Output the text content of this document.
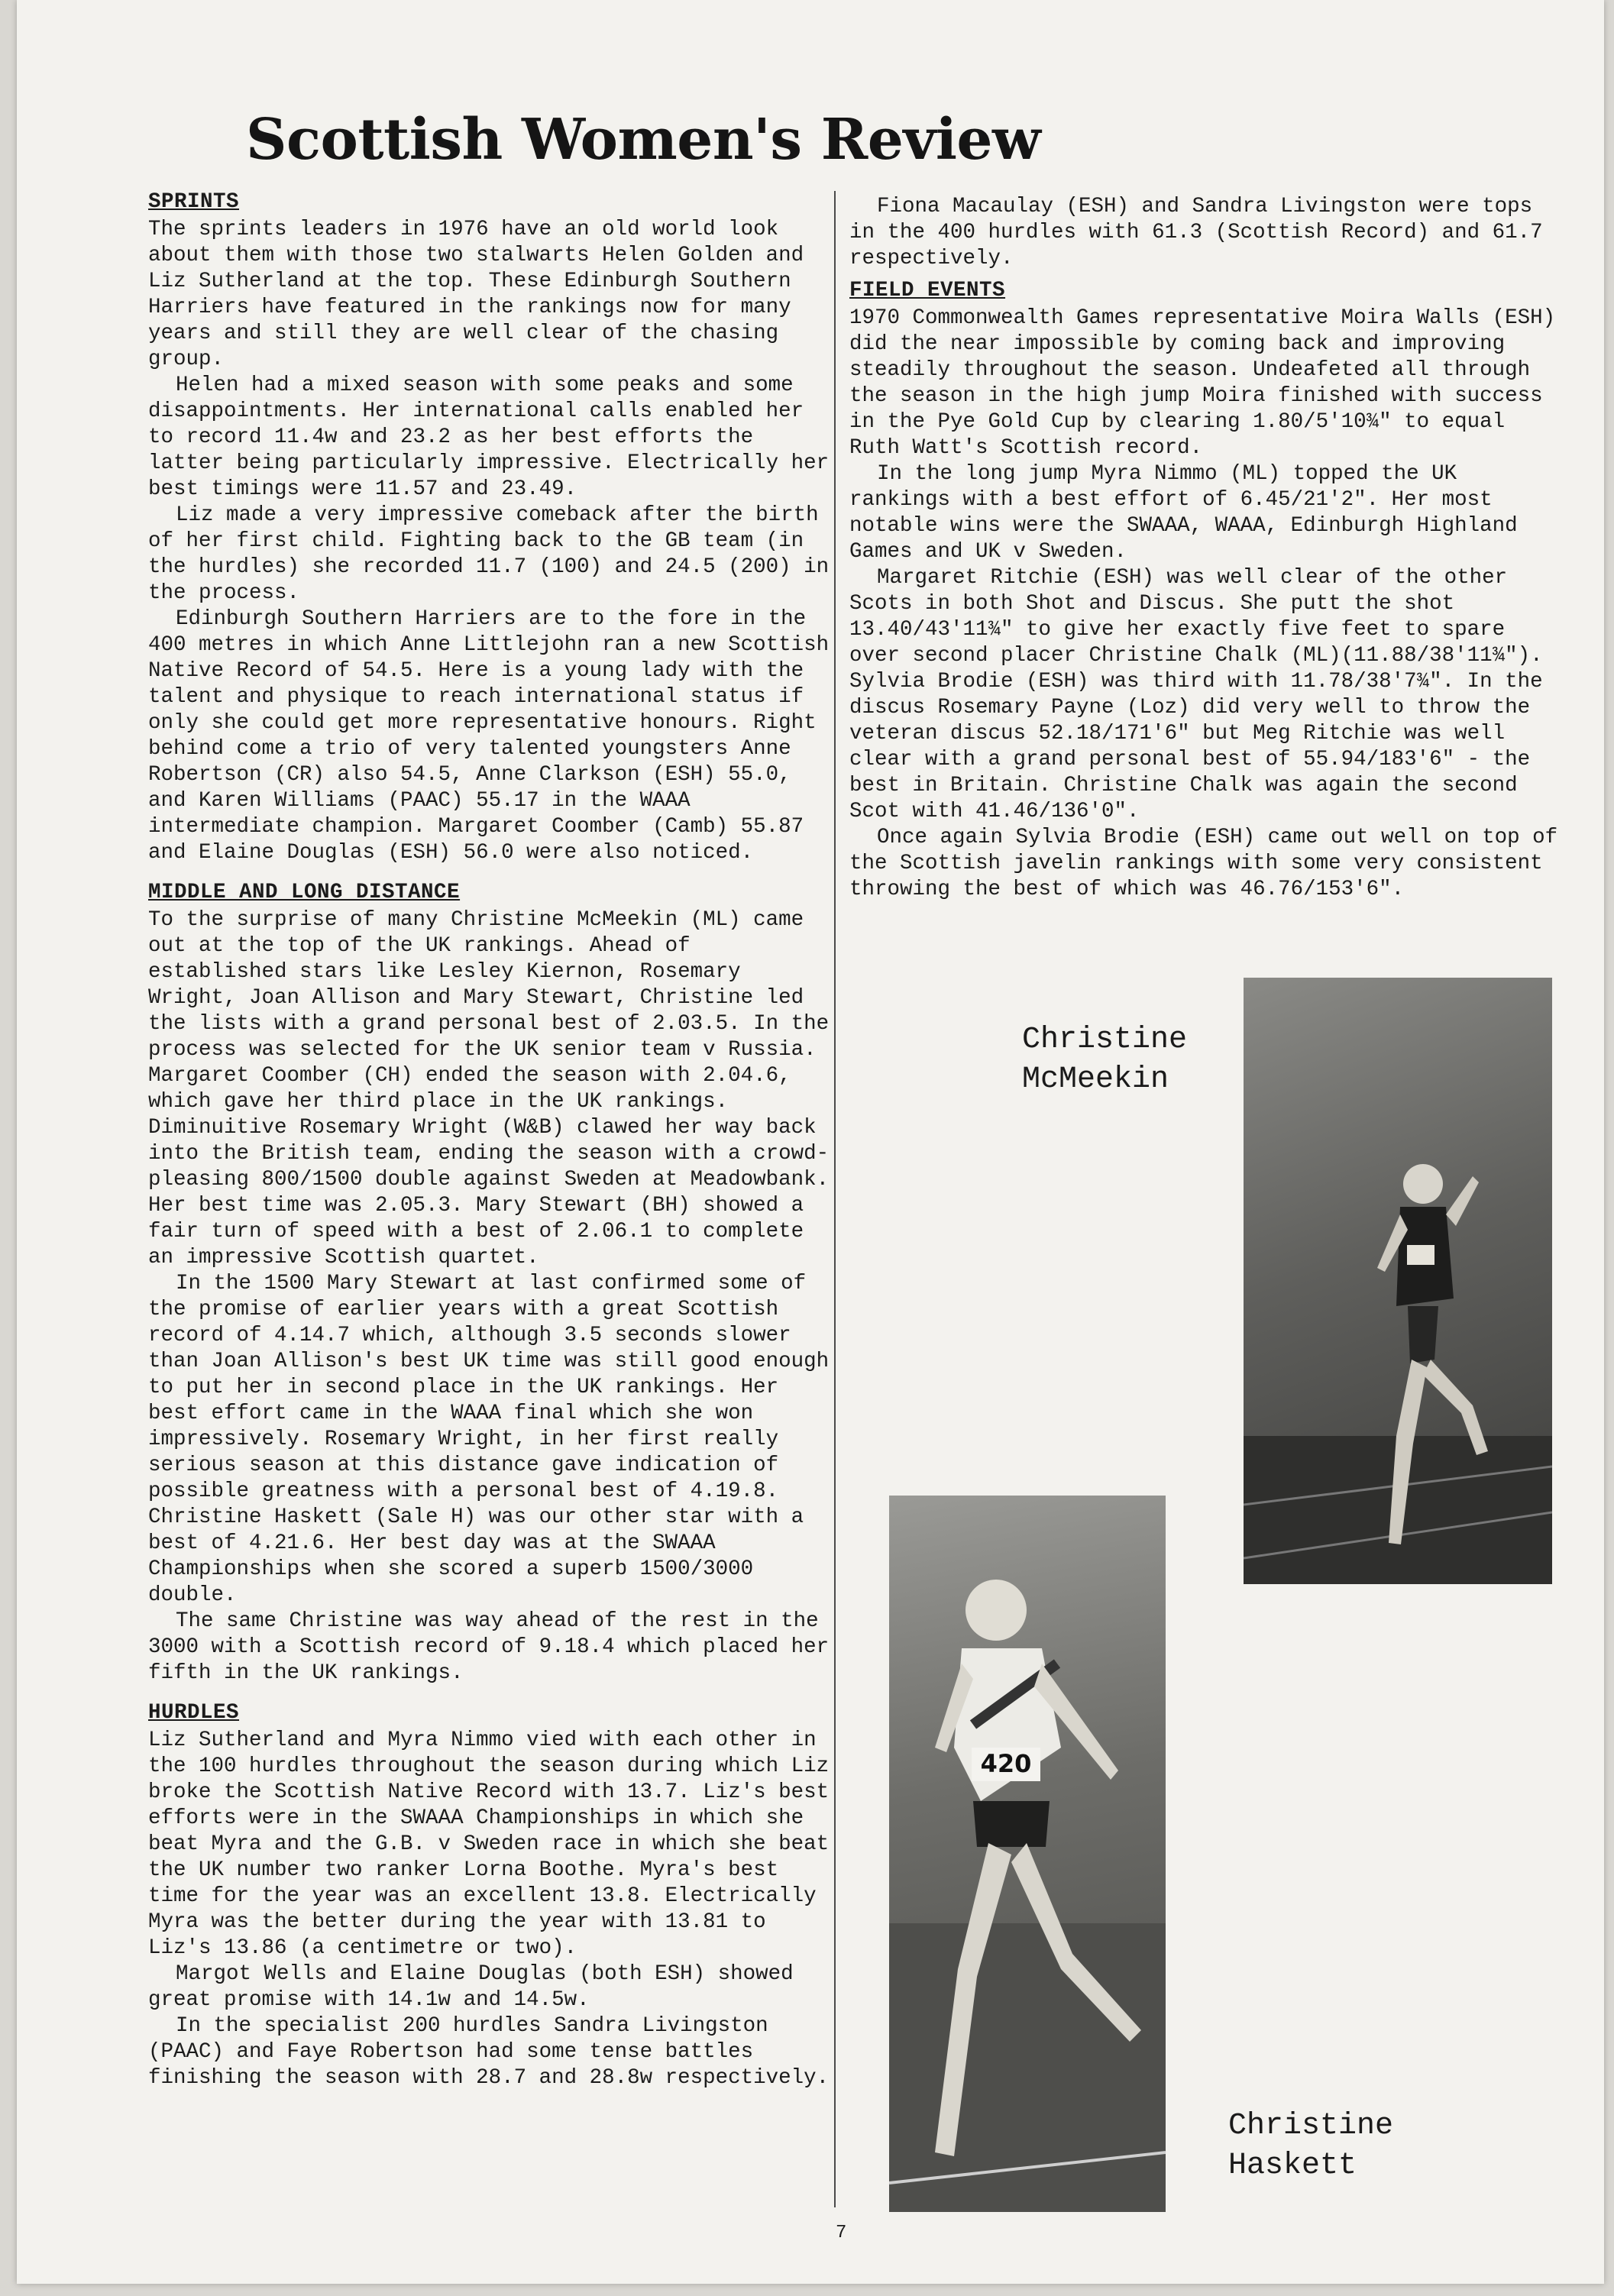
Scottish Women's Review
SPRINTS

The sprints leaders in 1976 have an old world look about them with those two stalwarts Helen Golden and Liz Sutherland at the top. These Edinburgh Southern Harriers have featured in the rankings now for many years and still they are well clear of the chasing group.

Helen had a mixed season with some peaks and some disappointments. Her international calls enabled her to record 11.4w and 23.2 as her best efforts the latter being particularly impressive. Electrically her best timings were 11.57 and 23.49.

Liz made a very impressive comeback after the birth of her first child. Fighting back to the GB team (in the hurdles) she recorded 11.7 (100) and 24.5 (200) in the process.

Edinburgh Southern Harriers are to the fore in the 400 metres in which Anne Littlejohn ran a new Scottish Native Record of 54.5. Here is a young lady with the talent and physique to reach international status if only she could get more representative honours. Right behind come a trio of very talented youngsters Anne Robertson (CR) also 54.5, Anne Clarkson (ESH) 55.0, and Karen Williams (PAAC) 55.17 in the WAAA intermediate champion. Margaret Coomber (Camb) 55.87 and Elaine Douglas (ESH) 56.0 were also noticed.

MIDDLE AND LONG DISTANCE

To the surprise of many Christine McMeekin (ML) came out at the top of the UK rankings. Ahead of established stars like Lesley Kiernon, Rosemary Wright, Joan Allison and Mary Stewart, Christine led the lists with a grand personal best of 2.03.5. In the process was selected for the UK senior team v Russia. Margaret Coomber (CH) ended the season with 2.04.6, which gave her third place in the UK rankings. Diminuitive Rosemary Wright (W&B) clawed her way back into the British team, ending the season with a crowd-pleasing 800/1500 double against Sweden at Meadowbank. Her best time was 2.05.3. Mary Stewart (BH) showed a fair turn of speed with a best of 2.06.1 to complete an impressive Scottish quartet.

In the 1500 Mary Stewart at last confirmed some of the promise of earlier years with a great Scottish record of 4.14.7 which, although 3.5 seconds slower than Joan Allison's best UK time was still good enough to put her in second place in the UK rankings. Her best effort came in the WAAA final which she won impressively. Rosemary Wright, in her first really serious season at this distance gave indication of possible greatness with a personal best of 4.19.8. Christine Haskett (Sale H) was our other star with a best of 4.21.6. Her best day was at the SWAAA Championships when she scored a superb 1500/3000 double.

The same Christine was way ahead of the rest in the 3000 with a Scottish record of 9.18.4 which placed her fifth in the UK rankings.

HURDLES

Liz Sutherland and Myra Nimmo vied with each other in the 100 hurdles throughout the season during which Liz broke the Scottish Native Record with 13.7. Liz's best efforts were in the SWAAA Championships in which she beat Myra and the G.B. v Sweden race in which she beat the UK number two ranker Lorna Boothe. Myra's best time for the year was an excellent 13.8. Electrically Myra was the better during the year with 13.81 to Liz's 13.86 (a centimetre or two).

Margot Wells and Elaine Douglas (both ESH) showed great promise with 14.1w and 14.5w.

In the specialist 200 hurdles Sandra Livingston (PAAC) and Faye Robertson had some tense battles finishing the season with 28.7 and 28.8w respectively.

Fiona Macaulay (ESH) and Sandra Livingston were tops in the 400 hurdles with 61.3 (Scottish Record) and 61.7 respectively.

FIELD EVENTS

1970 Commonwealth Games representative Moira Walls (ESH) did the near impossible by coming back and improving steadily throughout the season. Undeafeted all through the season in the high jump Moira finished with success in the Pye Gold Cup by clearing 1.80/5'10¾" to equal Ruth Watt's Scottish record.

In the long jump Myra Nimmo (ML) topped the UK rankings with a best effort of 6.45/21'2". Her most notable wins were the SWAAA, WAAA, Edinburgh Highland Games and UK v Sweden.

Margaret Ritchie (ESH) was well clear of the other Scots in both Shot and Discus. She putt the shot 13.40/43'11¾" to give her exactly five feet to spare over second placer Christine Chalk (ML)(11.88/38'11¾"). Sylvia Brodie (ESH) was third with 11.78/38'7¾". In the discus Rosemary Payne (Loz) did very well to throw the veteran discus 52.18/171'6" but Meg Ritchie was well clear with a grand personal best of 55.94/183'6" - the best in Britain. Christine Chalk was again the second Scot with 41.46/136'0".

Once again Sylvia Brodie (ESH) came out well on top of the Scottish javelin rankings with some very consistent throwing the best of which was 46.76/153'6".

420
Christine McMeekin
Christine Haskett
7
